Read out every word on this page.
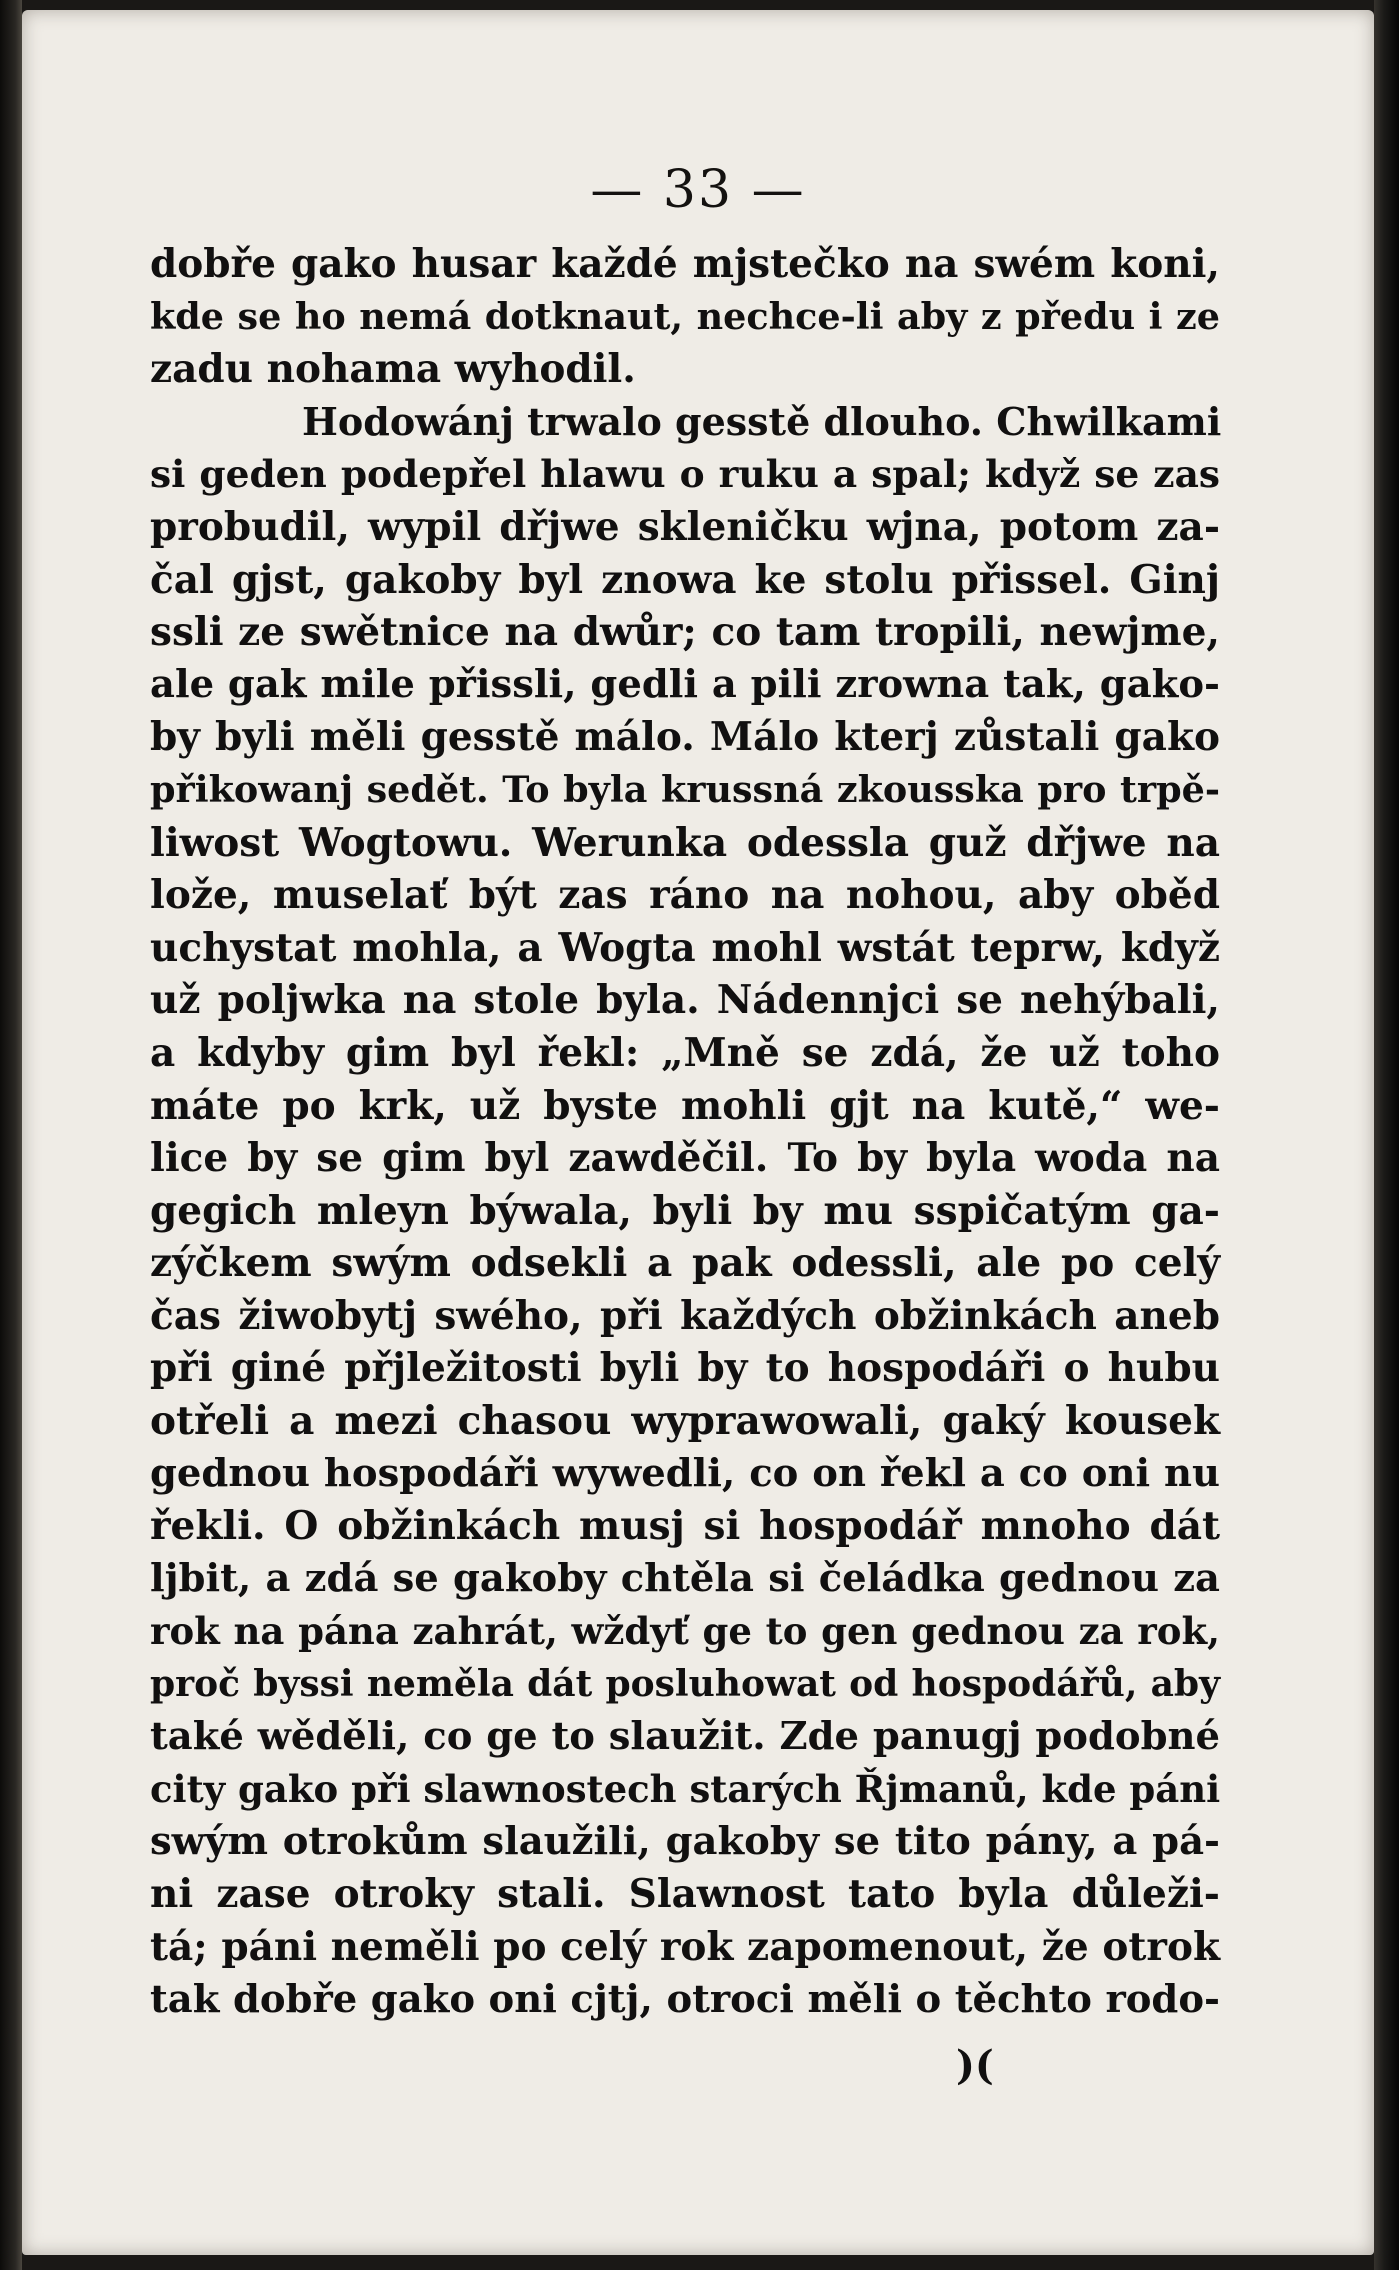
— 33 —
dobře gako husar každé mjstečko na swém koni,
kde se ho nemá dotknaut, nechce-li aby z předu i ze
zadu nohama wyhodil.
Hodowánj trwalo gesstě dlouho. Chwilkami
si geden podepřel hlawu o ruku a spal; když se zas
probudil, wypil dřjwe skleničku wjna, potom za-
čal gjst, gakoby byl znowa ke stolu přissel. Ginj
ssli ze swětnice na dwůr; co tam tropili, newjme,
ale gak mile přissli, gedli a pili zrowna tak, gako-
by byli měli gesstě málo. Málo kterj zůstali gako
přikowanj sedět. To byla krussná zkousska pro trpě-
liwost Wogtowu. Werunka odessla guž dřjwe na
lože, muselať být zas ráno na nohou, aby oběd
uchystat mohla, a Wogta mohl wstát teprw, když
už poljwka na stole byla. Nádennjci se nehýbali,
a kdyby gim byl řekl: „Mně se zdá, že už toho
máte po krk, už byste mohli gjt na kutě,“ we-
lice by se gim byl zawděčil. To by byla woda na
gegich mleyn býwala, byli by mu sspičatým ga-
zýčkem swým odsekli a pak odessli, ale po celý
čas žiwobytj swého, při každých obžinkách aneb
při giné přjležitosti byli by to hospodáři o hubu
otřeli a mezi chasou wyprawowali, gaký kousek
gednou hospodáři wywedli, co on řekl a co oni nu
řekli. O obžinkách musj si hospodář mnoho dát
ljbit, a zdá se gakoby chtěla si čeládka gednou za
rok na pána zahrát, wždyť ge to gen gednou za rok,
proč byssi neměla dát posluhowat od hospodářů, aby
také wěděli, co ge to slaužit. Zde panugj podobné
city gako při slawnostech starých Řjmanů, kde páni
swým otrokům slaužili, gakoby se tito pány, a pá-
ni zase otroky stali. Slawnost tato byla důleži-
tá; páni neměli po celý rok zapomenout, že otrok
tak dobře gako oni cjtj, otroci měli o těchto rodo-
)(
